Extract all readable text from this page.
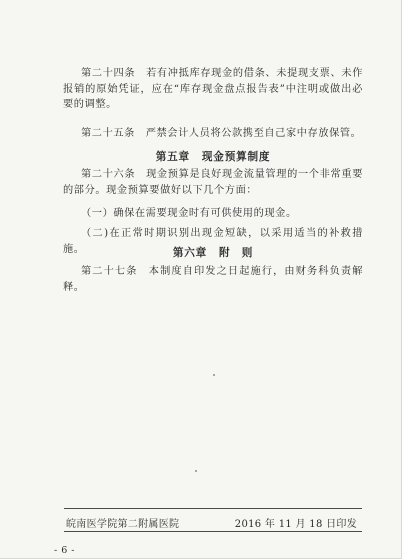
第二十四条　若有冲抵库存现金的借条、未提现支票、未作报销的原始凭证，应在“库存现金盘点报告表”中注明或做出必要的调整。

第二十五条　严禁会计人员将公款携至自己家中存放保管。

第五章 现金预算制度

第二十六条　现金预算是良好现金流量管理的一个非常重要的部分。现金预算要做好以下几个方面：

（一）确保在需要现金时有可供使用的现金。

（二)在正常时期识别出现金短缺，以采用适当的补救措施。	第六章 附　则

第二十七条　本制度自印发之日起施行，由财务科负责解释。

皖南医学院第二附属医院	2016 年 11 月 18 日印发
- 6 -
